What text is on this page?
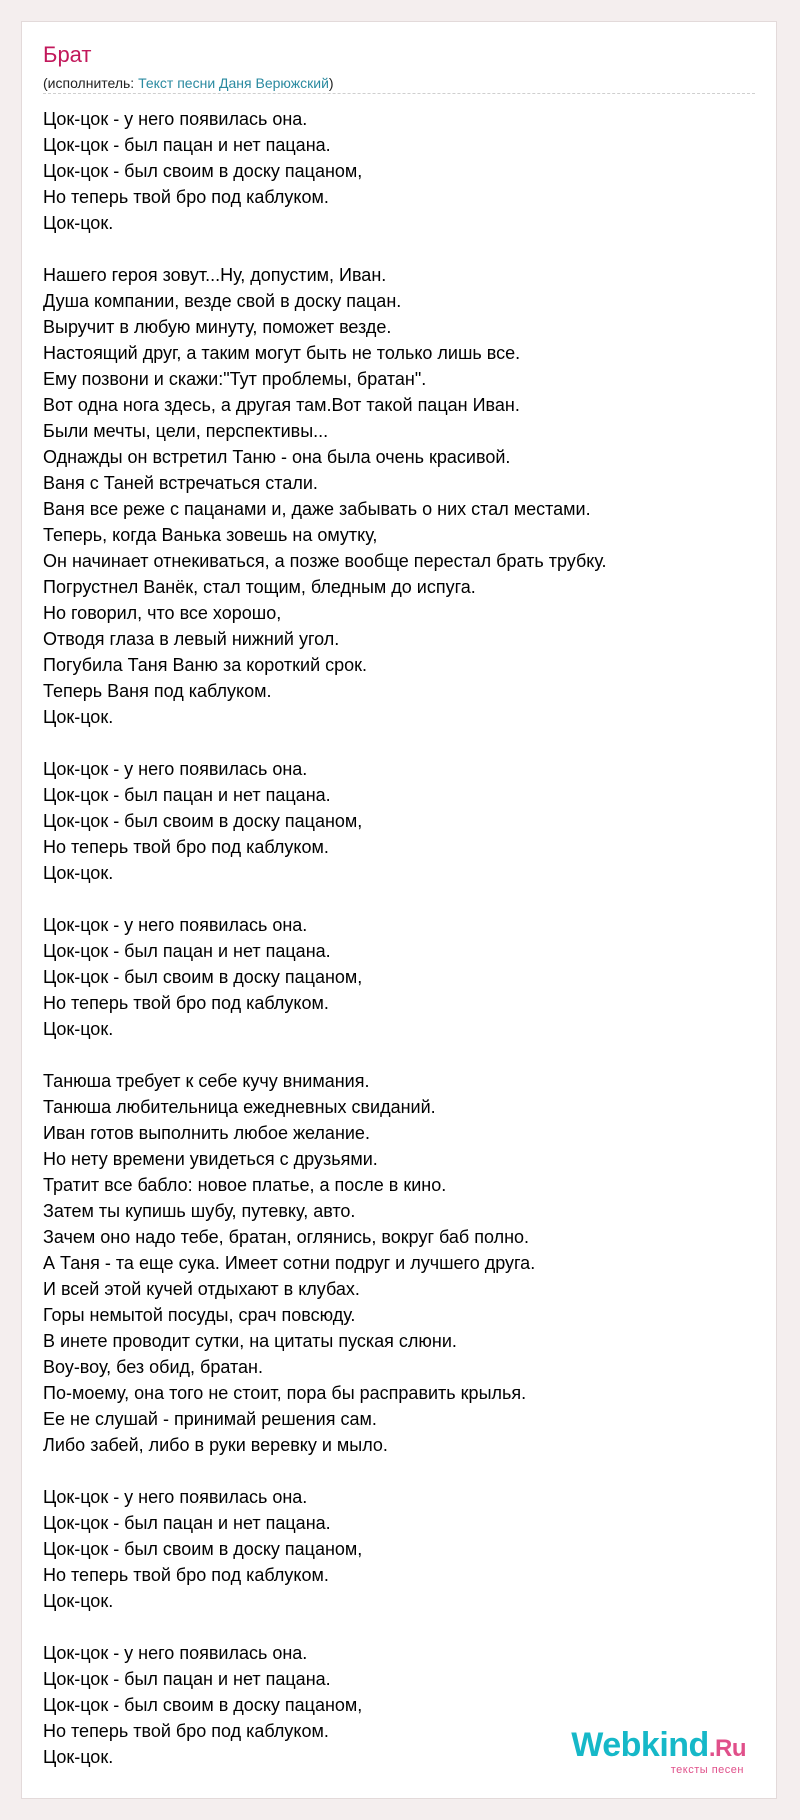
Брат
(исполнитель: Текст песни Даня Верюжский)
Цок-цок - у него появилась она.
Цок-цок - был пацан и нет пацана.
Цок-цок - был своим в доску пацаном,
Но теперь твой бро под каблуком.
Цок-цок.
Нашего героя зовут...Ну, допустим, Иван.
Душа компании, везде свой в доску пацан.
Выручит в любую минуту, поможет везде.
Настоящий друг, а таким могут быть не только лишь все.
Ему позвони и скажи:"Тут проблемы, братан".
Вот одна нога здесь, а другая там.Вот такой пацан Иван.
Были мечты, цели, перспективы...
Однажды он встретил Таню - она была очень красивой.
Ваня с Таней встречаться стали.
Ваня все реже с пацанами и, даже забывать о них стал местами.
Теперь, когда Ванька зовешь на омутку,
Он начинает отнекиваться, а позже вообще перестал брать трубку.
Погрустнел Ванёк, стал тощим, бледным до испуга.
Но говорил, что все хорошо,
Отводя глаза в левый нижний угол.
Погубила Таня Ваню за короткий срок.
Теперь Ваня под каблуком.
Цок-цок.
Цок-цок - у него появилась она.
Цок-цок - был пацан и нет пацана.
Цок-цок - был своим в доску пацаном,
Но теперь твой бро под каблуком.
Цок-цок.
Цок-цок - у него появилась она.
Цок-цок - был пацан и нет пацана.
Цок-цок - был своим в доску пацаном,
Но теперь твой бро под каблуком.
Цок-цок.
Танюша требует к себе кучу внимания.
Танюша любительница ежедневных свиданий.
Иван готов выполнить любое желание.
Но нету времени увидеться с друзьями.
Тратит все бабло: новое платье, а после в кино.
Затем ты купишь шубу, путевку, авто.
Зачем оно надо тебе, братан, оглянись, вокруг баб полно.
А Таня - та еще сука. Имеет сотни подруг и лучшего друга.
И всей этой кучей отдыхают в клубах.
Горы немытой посуды, срач повсюду.
В инете проводит сутки, на цитаты пуская слюни.
Воу-воу, без обид, братан.
По-моему, она того не стоит, пора бы расправить крылья.
Ее не слушай - принимай решения сам.
Либо забей, либо в руки веревку и мыло.
Цок-цок - у него появилась она.
Цок-цок - был пацан и нет пацана.
Цок-цок - был своим в доску пацаном,
Но теперь твой бро под каблуком.
Цок-цок.
Цок-цок - у него появилась она.
Цок-цок - был пацан и нет пацана.
Цок-цок - был своим в доску пацаном,
Но теперь твой бро под каблуком.
Цок-цок.	Webkind.Ru
тексты песен
